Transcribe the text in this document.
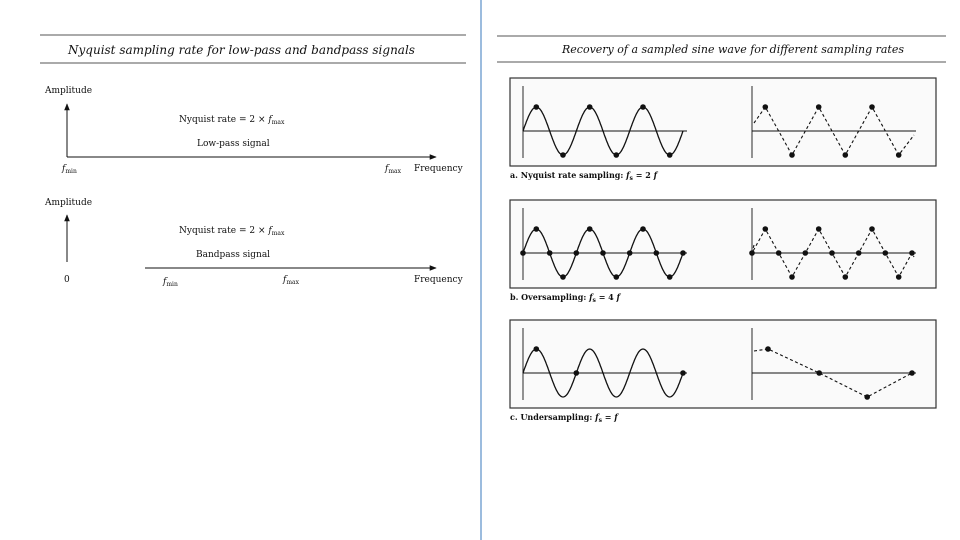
Nyquist sampling rate for low-pass and bandpass signals
Amplitude
Nyquist rate = $2 \times f_{max}$
Low-pass signal
$f_{min}$	$f_{max}$ Frequency
Amplitude
Nyquist rate = $2 \times f_{max}$
Bandpass signal
0	$f_{min}$	$f_{max}$	Frequency
Recovery of a sampled sine wave for different sampling rates
a. Nyquist rate sampling: $f_s = 2$ f
b. Oversampling: $f_s = 4$ f
c. Undersampling: $f_s = f$
